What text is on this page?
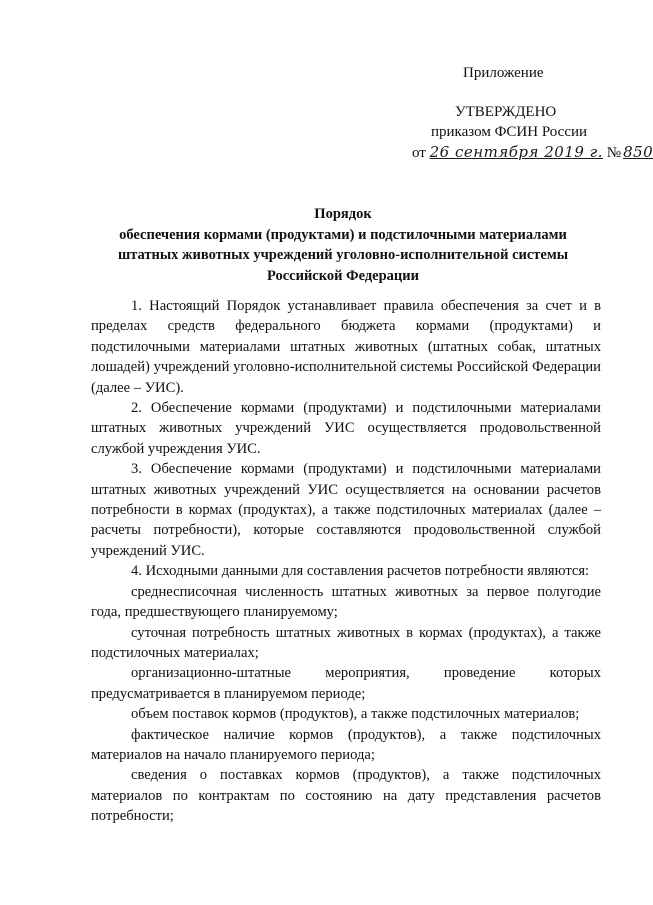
Приложение
УТВЕРЖДЕНО
приказом ФСИН России
от 26 сентября 2019 г. № 850
Порядок
обеспечения кормами (продуктами) и подстилочными материалами
штатных животных учреждений уголовно-исполнительной системы
Российской Федерации

1. Настоящий Порядок устанавливает правила обеспечения за счет и в пределах средств федерального бюджета кормами (продуктами) и подстилочными материалами штатных животных (штатных собак, штатных лошадей) учреждений уголовно-исполнительной системы Российской Федерации (далее – УИС).

2. Обеспечение кормами (продуктами) и подстилочными материалами штатных животных учреждений УИС осуществляется продовольственной службой учреждения УИС.

3. Обеспечение кормами (продуктами) и подстилочными материалами штатных животных учреждений УИС осуществляется на основании расчетов потребности в кормах (продуктах), а также подстилочных материалах (далее – расчеты потребности), которые составляются продовольственной службой учреждений УИС.

4. Исходными данными для составления расчетов потребности являются:

среднесписочная численность штатных животных за первое полугодие года, предшествующего планируемому;

суточная потребность штатных животных в кормах (продуктах), а также подстилочных материалах;

организационно-штатные мероприятия, проведение которых предусматривается в планируемом периоде;

объем поставок кормов (продуктов), а также подстилочных материалов;

фактическое наличие кормов (продуктов), а также подстилочных материалов на начало планируемого периода;

сведения о поставках кормов (продуктов), а также подстилочных материалов по контрактам по состоянию на дату представления расчетов потребности;
